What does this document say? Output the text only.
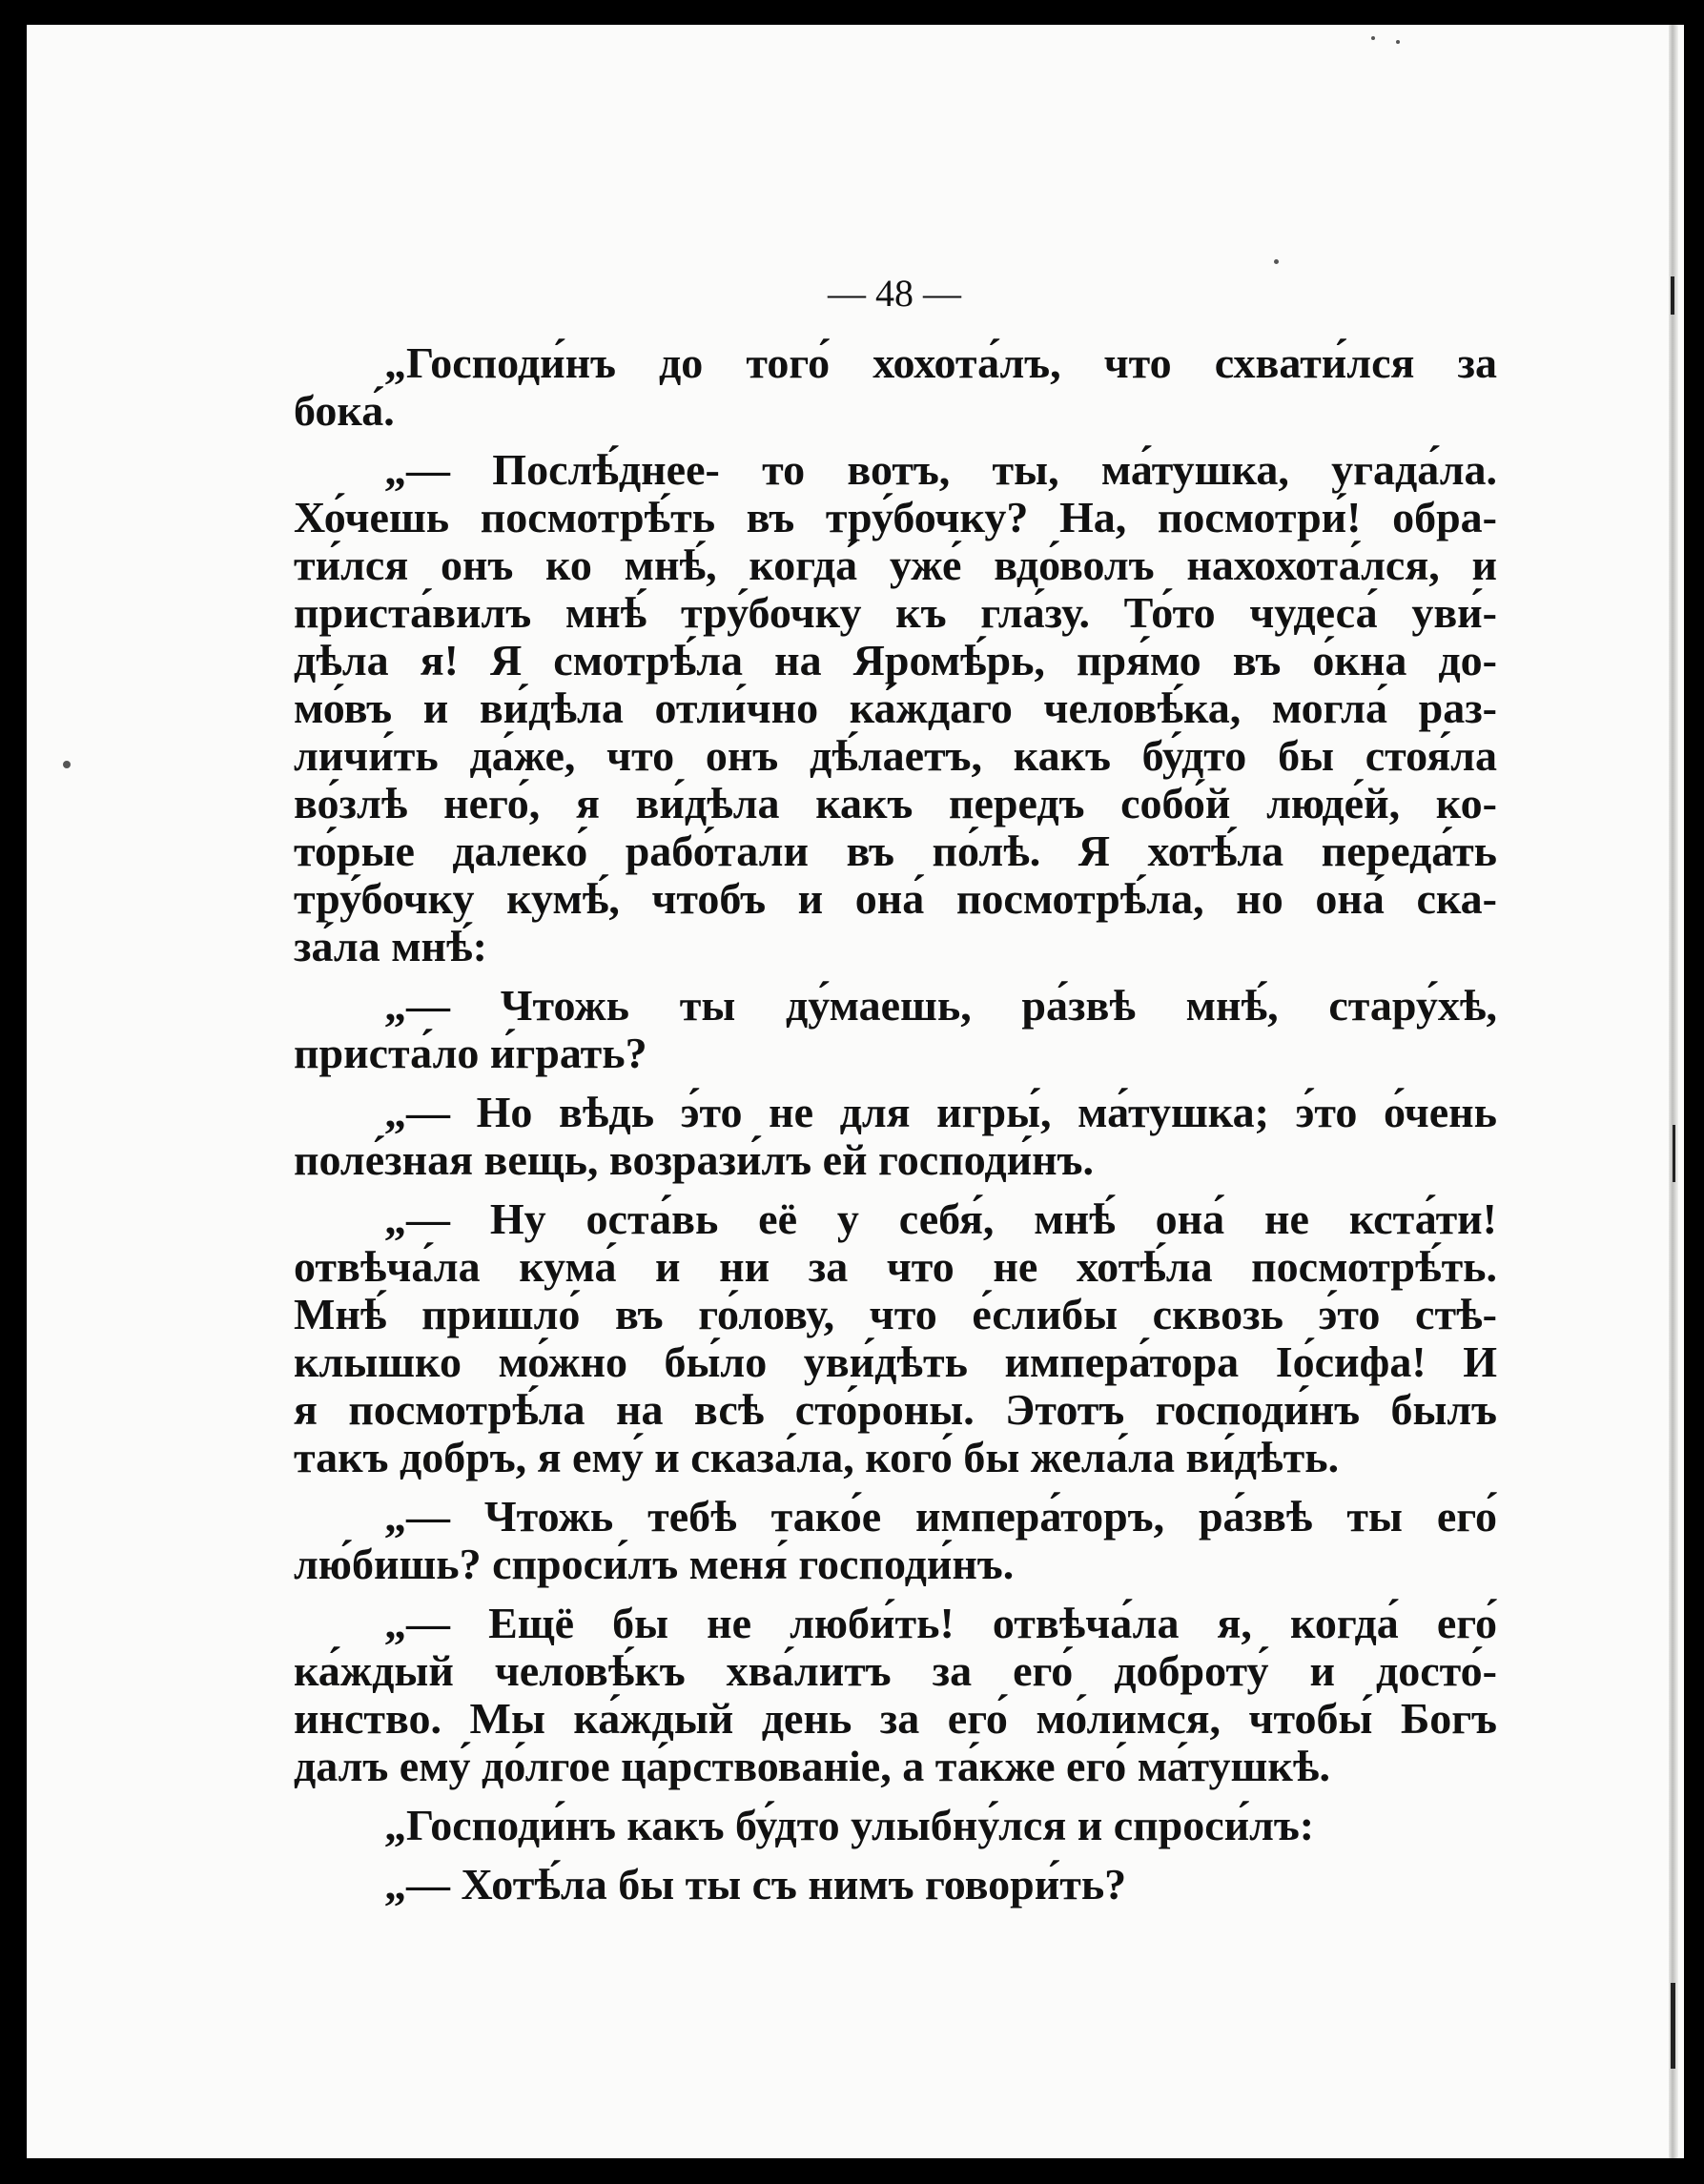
— 48 —
„Господи́нъ до того́ хохота́лъ, что схвати́лся за
бока́.
„— Послѣ́днее- то вотъ, ты, ма́тушка, угада́ла.
Хо́чешь посмотрѣ́ть въ тру́бочку? На, посмотри́! обра-
ти́лся онъ ко мнѣ́, когда́ уже́ вдо́волъ нахохота́лся, и
приста́вилъ мнѣ́ тру́бочку къ гла́зу. То́то чудеса́ уви́-
дѣла я! Я смотрѣ́ла на Яромѣ́рь, пря́мо въ о́кна до-
мо́въ и ви́дѣла отли́чно ка́ждаго человѣ́ка, могла́ раз-
личи́ть да́же, что онъ дѣ́лаетъ, какъ бу́дто бы стоя́ла
во́злѣ него́, я ви́дѣла какъ передъ собо́й люде́й, ко-
то́рые далеко́ рабо́тали въ по́лѣ. Я хотѣ́ла переда́ть
тру́бочку кумѣ́, чтобъ и она́ посмотрѣ́ла, но она́ ска-
за́ла мнѣ́:
„— Чтожь ты ду́маешь, ра́звѣ мнѣ́, стару́хѣ,
приста́ло и́грать?
„— Но вѣдь э́то не для игры́, ма́тушка; э́то о́чень
поле́зная вещь, возрази́лъ ей господи́нъ.
„— Ну оста́вь её у себя́, мнѣ́ она́ не кста́ти!
отвѣча́ла кума́ и ни за что не хотѣ́ла посмотрѣ́ть.
Мнѣ́ пришло́ въ го́лову, что е́слибы сквозь э́то стѣ-
клышко мо́жно бы́ло уви́дѣть импера́тора Іо́сифа! И
я посмотрѣ́ла на всѣ сто́роны. Этотъ господи́нъ былъ
такъ добръ, я ему́ и сказа́ла, кого́ бы жела́ла ви́дѣть.
„— Чтожь тебѣ тако́е импера́торъ, ра́звѣ ты его́
лю́бишь? спроси́лъ меня́ господи́нъ.
„— Ещё бы не люби́ть! отвѣча́ла я, когда́ его́
ка́ждый человѣ́къ хва́литъ за его́ доброту́ и досто́-
инство. Мы ка́ждый день за его́ мо́лимся, чтобы́ Богъ
далъ ему́ до́лгое ца́рствованіе, а та́кже его́ ма́тушкѣ.
„Господи́нъ какъ бу́дто улыбну́лся и спроси́лъ:
„— Хотѣ́ла бы ты съ нимъ говори́ть?
